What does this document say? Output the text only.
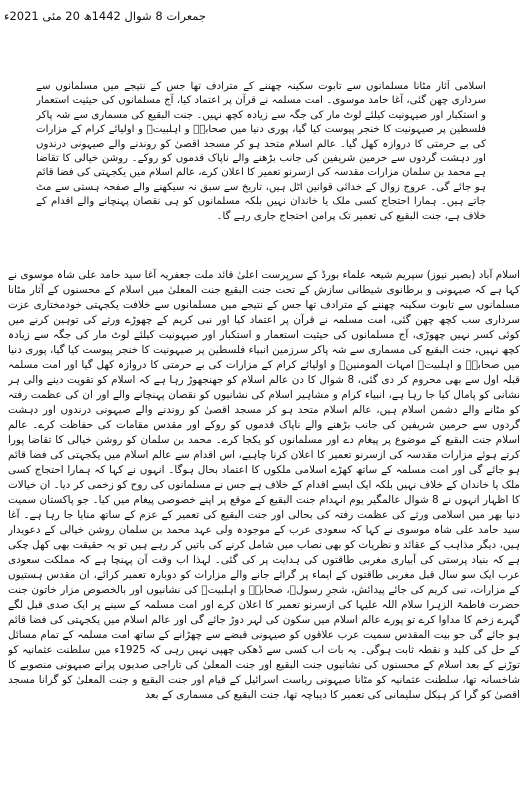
جمعرات 8 شوال 1442ھ 20 مئی 2021ء

اسلامی آثار مٹانا مسلمانوں سے تابوت سکینہ چھننے کے مترادف تھا جس کے نتیجے میں مسلمانوں سے سرداری چھن گئی، آغا حامد موسوی۔ امت مسلمہ نے قرآن پر اعتماد کیا، آج مسلمانوں کی حیثیت استعمار و استکبار اور صیہونیت کیلئے لوٹ مار کی جگہ سے زیادہ کچھ نہیں۔ جنت البقیع کی مسماری سے شہ پاکر فلسطین پر صیہونیت کا خنجر پیوست کیا گیا، پوری دنیا میں صحابہؓ و اہلبیتؑ و اولیائے کرام کے مزارات کی بے حرمتی کا دروازہ کھل گیا۔ عالم اسلام متحد ہو کر مسجد اقصیٰ کو روندنے والے صیہونی درندوں اور دہشت گردوں سے حرمین شریفین کی جانب بڑھنے والے ناپاک قدموں کو روکے۔ روشن خیالی کا تقاضا ہے محمد بن سلمان مزارات مقدسہ کی ازسرنو تعمیر کا اعلان کرے، عالم اسلام میں یکجہتی کی فضا قائم ہو جائے گی۔ عروج زوال کے خدائی قوانین اٹل ہیں، تاریخ سے سبق نہ سیکھنے والے صفحہ ہستی سے مٹ جاتے ہیں۔ ہمارا احتجاج کسی ملک یا خاندان نہیں بلکہ مسلمانوں کو ہی نقصان پہنچانے والے اقدام کے خلاف ہے، جنت البقیع کی تعمیر تک پرامن احتجاج جاری رہے گا۔

اسلام آباد (بصیر نیوز) سپریم شیعہ علماء بورڈ کے سرپرست اعلیٰ قائد ملت جعفریہ آغا سید حامد علی شاہ موسوی نے کہا ہے کہ صیہونی و برطانوی شیطانی سازش کے تحت جنت البقیع جنت المعلیٰ میں اسلام کے محسنوں کے آثار مٹانا مسلمانوں سے تابوت سکینہ چھننے کے مترادف تھا جس کے نتیجے میں مسلمانوں سے خلافت یکجہتی خودمختاری عزت سرداری سب کچھ چھن گئی، امت مسلمہ نے قرآن پر اعتماد کیا اور نبی کریم کے چھوڑے ورثے کی توہین کرنے میں کوئی کسر نہیں چھوڑی، آج مسلمانوں کی حیثیت استعمار و استکبار اور صیہونیت کیلئے لوٹ مار کی جگہ سے زیادہ کچھ نہیں، جنت البقیع کی مسماری سے شہ پاکر سرزمین انبیاء فلسطین پر صیہونیت کا خنجر پیوست کیا گیا، پوری دنیا میں صحابہؓ و اہلبیتؑ امہات المومنینؓ و اولیائے کرام کے مزارات کی بے حرمتی کا دروازہ کھل گیا اور امت مسلمہ قبلہ اول سے بھی محروم کر دی گئی، 8 شوال کا دن عالم اسلام کو جھنجھوڑ رہا ہے کہ اسلام کو تقویت دینے والی ہر نشانی کو پامال کیا جا رہا ہے، انبیاء کرام و مشاہیر اسلام کی نشانیوں کو نقصان پہنچانے والے اور ان کی عظمت رفتہ کو مٹانے والے دشمن اسلام ہیں، عالم اسلام متحد ہو کر مسجد اقصیٰ کو روندنے والے صیہونی درندوں اور دہشت گردوں سے حرمین شریفین کی جانب بڑھنے والے ناپاک قدموں کو روکے اور مقدس مقامات کی حفاظت کرے۔ عالم اسلام جنت البقیع کے موضوع پر پیغام دے اور مسلمانوں کو یکجا کرے۔ محمد بن سلمان کو روشن خیالی کا تقاضا پورا کرتے ہوئے مزارات مقدسہ کی ازسرنو تعمیر کا اعلان کرنا چاہیے، اس اقدام سے عالم اسلام میں یکجہتی کی فضا قائم ہو جائے گی اور امت مسلمہ کے ساتھ کھڑے اسلامی ملکوں کا اعتماد بحال ہوگا۔ انہوں نے کہا کہ ہمارا احتجاج کسی ملک یا خاندان کے خلاف نہیں بلکہ ایک ایسے اقدام کے خلاف ہے جس نے مسلمانوں کی روح کو زخمی کر دیا۔ ان خیالات کا اظہار انہوں نے 8 شوال عالمگیر یوم انہدام جنت البقیع کے موقع پر اپنے خصوصی پیغام میں کیا۔ جو پاکستان سمیت دنیا بھر میں اسلامی ورثے کی عظمت رفتہ کی بحالی اور جنت البقیع کی تعمیر کے عزم کے ساتھ منایا جا رہا ہے۔ آغا سید حامد علی شاہ موسوی نے کہا کہ سعودی عرب کے موجودہ ولی عہد محمد بن سلمان روشن خیالی کے دعویدار ہیں، دیگر مذاہب کے عقائد و نظریات کو بھی نصاب میں شامل کرنے کی باتیں کر رہے ہیں تو یہ حقیقت بھی کھل چکی ہے کہ بنیاد پرستی کی آبیاری مغربی طاقتوں کی ہدایت پر کی گئی۔ لہذا اب وقت آن پہنچا ہے کہ مملکت سعودی عرب ایک سو سال قبل مغربی طاقتوں کے ایماء پر گرائے جانے والے مزارات کو دوبارہ تعمیر کرائے، ان مقدس ہستیوں کے مزارات، نبی کریم کی جائے پیدائش، شجرِ رسولؐ، صحابہؓ و اہلبیتؑ کی نشانیوں اور بالخصوص مزار خاتون جنت حضرت فاطمۃ الزہرا سلام اللہ علیہا کی ازسرنو تعمیر کا اعلان کرے اور امت مسلمہ کے سینے پر ایک صدی قبل لگے گہرے زخم کا مداوا کرے تو پورے عالم اسلام میں سکون کی لہر دوڑ جائے گی اور عالم اسلام میں یکجہتی کی فضا قائم ہو جائے گی جو بیت المقدس سمیت عرب علاقوں کو صیہونی قبضے سے چھڑانے کے ساتھ امت مسلمہ کے تمام مسائل کے حل کی کلید و نقطہ ثابت ہوگی۔ یہ بات اب کسی سے ڈھکی چھپی نہیں رہی کہ 1925ء میں سلطنت عثمانیہ کو توڑنے کے بعد اسلام کے محسنوں کی نشانیوں جنت البقیع اور جنت المعلیٰ کی تاراجی صدیوں پرانے صیہونی منصوبے کا شاخسانہ تھا، سلطنت عثمانیہ کو مٹانا صیہونی ریاست اسرائیل کے قیام اور جنت البقیع و جنت المعلیٰ کو گرانا مسجد اقصیٰ کو گرا کر ہیکل سلیمانی کی تعمیر کا دیباچہ تھا، جنت البقیع کی مسماری کے بعد
